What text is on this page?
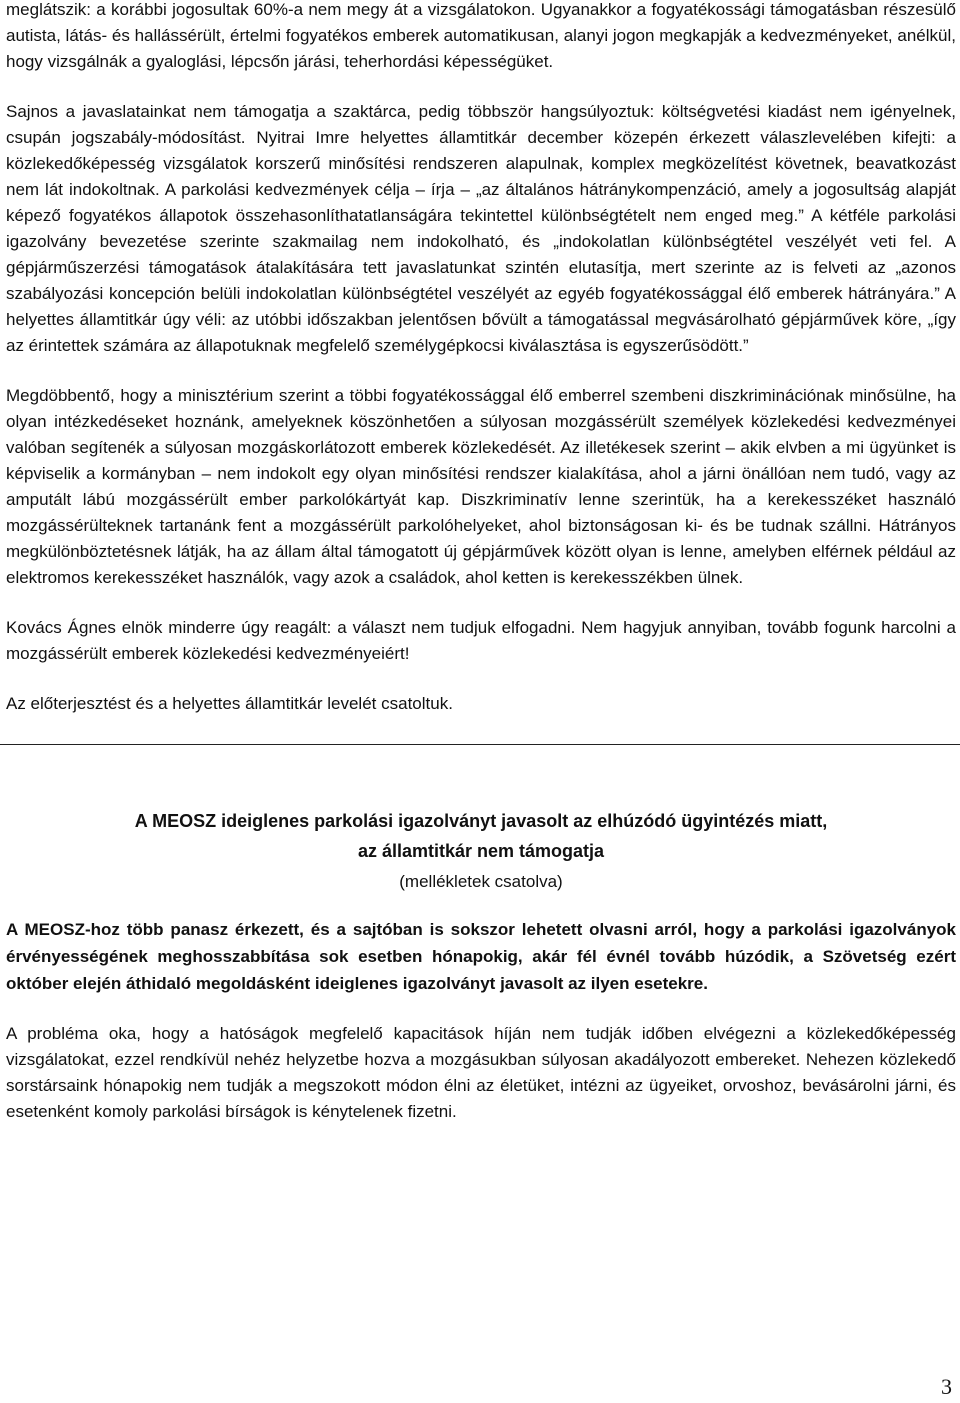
meglátszik: a korábbi jogosultak 60%-a nem megy át a vizsgálatokon. Ugyanakkor a fogyatékossági támogatásban részesülő autista, látás- és hallássérült, értelmi fogyatékos emberek automatikusan, alanyi jogon megkapják a kedvezményeket, anélkül, hogy vizsgálnák a gyaloglási, lépcsőn járási, teherhordási képességüket.

Sajnos a javaslatainkat nem támogatja a szaktárca, pedig többször hangsúlyoztuk: költségvetési kiadást nem igényelnek, csupán jogszabály-módosítást. Nyitrai Imre helyettes államtitkár december közepén érkezett válaszlevelében kifejti: a közlekedőképesség vizsgálatok korszerű minősítési rendszeren alapulnak, komplex megközelítést követnek, beavatkozást nem lát indokoltnak. A parkolási kedvezmények célja – írja – „az általános hátránykompenzáció, amely a jogosultság alapját képező fogyatékos állapotok összehasonlíthatatlanságára tekintettel különbségtételt nem enged meg.” A kétféle parkolási igazolvány bevezetése szerinte szakmailag nem indokolható, és „indokolatlan különbségtétel veszélyét veti fel. A gépjárműszerzési támogatások átalakítására tett javaslatunkat szintén elutasítja, mert szerinte az is felveti az „azonos szabályozási koncepción belüli indokolatlan különbségtétel veszélyét az egyéb fogyatékossággal élő emberek hátrányára.” A helyettes államtitkár úgy véli: az utóbbi időszakban jelentősen bővült a támogatással megvásárolható gépjárművek köre, „így az érintettek számára az állapotuknak megfelelő személygépkocsi kiválasztása is egyszerűsödött.”

Megdöbbentő, hogy a minisztérium szerint a többi fogyatékossággal élő emberrel szembeni diszkriminációnak minősülne, ha olyan intézkedéseket hoznánk, amelyeknek köszönhetően a súlyosan mozgássérült személyek közlekedési kedvezményei valóban segítenék a súlyosan mozgáskorlátozott emberek közlekedését. Az illetékesek szerint – akik elvben a mi ügyünket is képviselik a kormányban – nem indokolt egy olyan minősítési rendszer kialakítása, ahol a járni önállóan nem tudó, vagy az amputált lábú mozgássérült ember parkolókártyát kap. Diszkriminatív lenne szerintük, ha a kerekesszéket használó mozgássérülteknek tartanánk fent a mozgássérült parkolóhelyeket, ahol biztonságosan ki- és be tudnak szállni. Hátrányos megkülönböztetésnek látják, ha az állam által támogatott új gépjárművek között olyan is lenne, amelyben elférnek például az elektromos kerekesszéket használók, vagy azok a családok, ahol ketten is kerekesszékben ülnek.

Kovács Ágnes elnök minderre úgy reagált: a választ nem tudjuk elfogadni. Nem hagyjuk annyiban, tovább fogunk harcolni a mozgássérült emberek közlekedési kedvezményeiért!

Az előterjesztést és a helyettes államtitkár levelét csatoltuk.

A MEOSZ ideiglenes parkolási igazolványt javasolt az elhúzódó ügyintézés miatt,
az államtitkár nem támogatja
(mellékletek csatolva)

A MEOSZ-hoz több panasz érkezett, és a sajtóban is sokszor lehetett olvasni arról, hogy a parkolási igazolványok érvényességének meghosszabbítása sok esetben hónapokig, akár fél évnél tovább húzódik, a Szövetség ezért október elején áthidaló megoldásként ideiglenes igazolványt javasolt az ilyen esetekre.

A probléma oka, hogy a hatóságok megfelelő kapacitások híján nem tudják időben elvégezni a közlekedőképesség vizsgálatokat, ezzel rendkívül nehéz helyzetbe hozva a mozgásukban súlyosan akadályozott embereket. Nehezen közlekedő sorstársaink hónapokig nem tudják a megszokott módon élni az életüket, intézni az ügyeiket, orvoshoz, bevásárolni járni, és esetenként komoly parkolási bírságok is kénytelenek fizetni.

3
